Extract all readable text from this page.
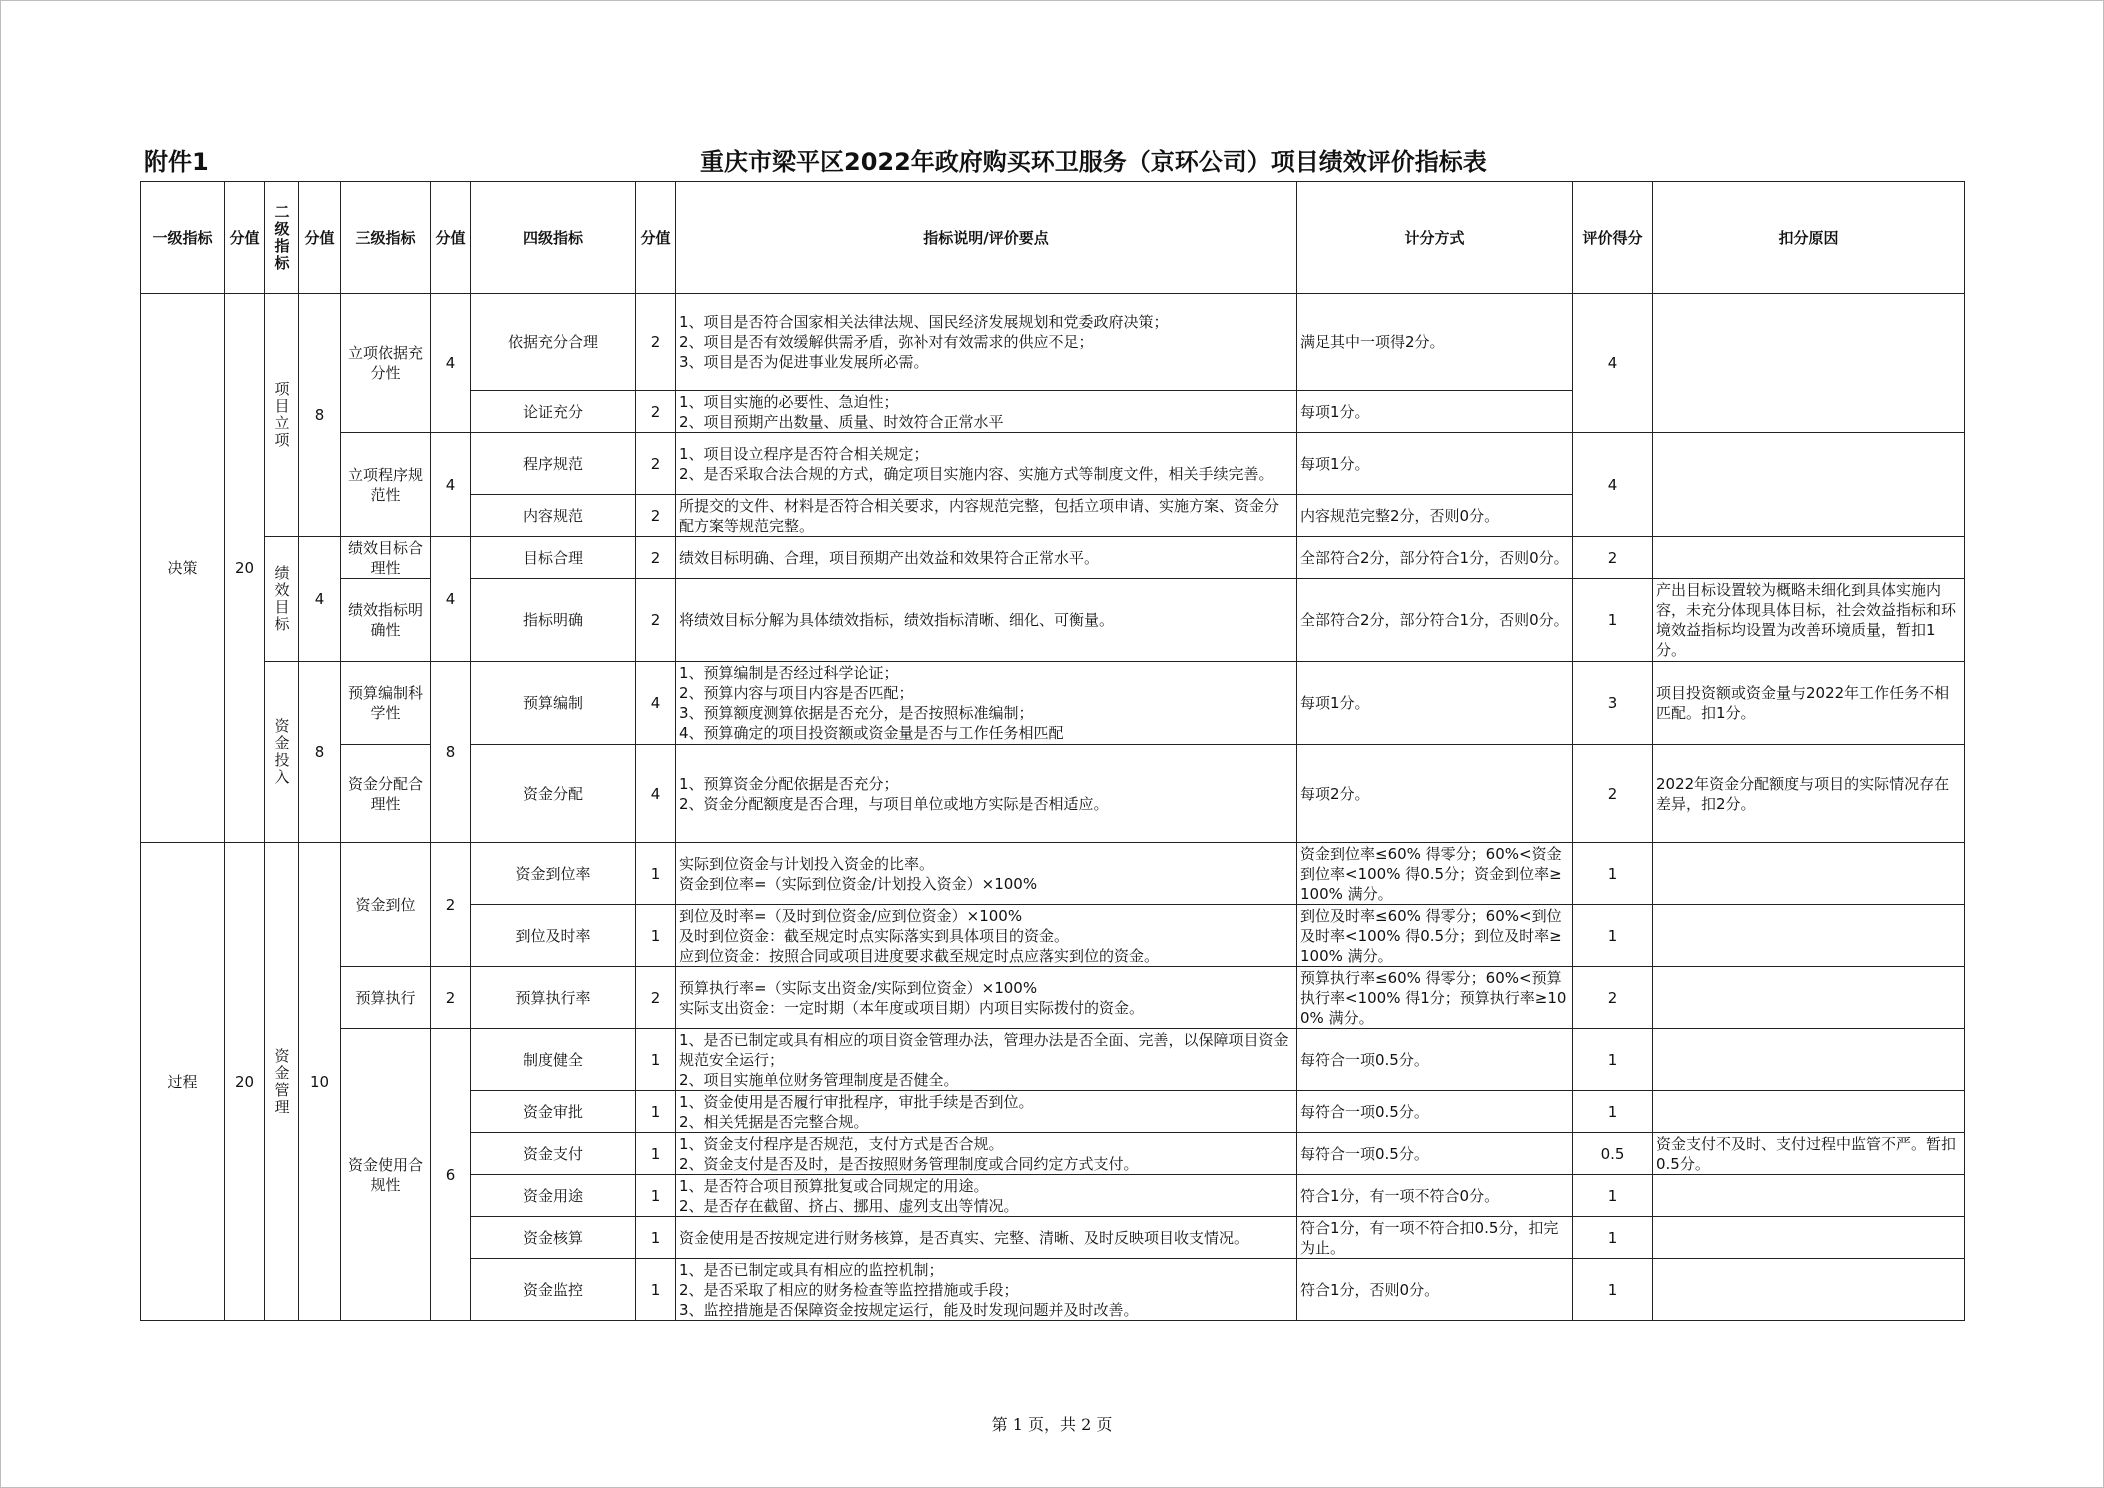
附件1	重庆市梁平区2022年政府购买环卫服务（京环公司）项目绩效评价指标表
一级指标	分值	二级指标	分值	三级指标	分值	四级指标	分值	指标说明/评价要点	计分方式	评价得分	扣分原因
决策	20	项目立项	8	立项依据充分性	4	依据充分合理	2	1、项目是否符合国家相关法律法规、国民经济发展规划和党委政府决策；
2、项目是否有效缓解供需矛盾，弥补对有效需求的供应不足；
3、项目是否为促进事业发展所必需。	满足其中一项得2分。	4	
						论证充分	2	1、项目实施的必要性、急迫性；
2、项目预期产出数量、质量、时效符合正常水平	每项1分。		
				立项程序规范性	4	程序规范	2	1、项目设立程序是否符合相关规定；
2、是否采取合法合规的方式，确定项目实施内容、实施方式等制度文件，相关手续完善。	每项1分。	4	
						内容规范	2	所提交的文件、材料是否符合相关要求，内容规范完整，包括立项申请、实施方案、资金分配方案等规范完整。	内容规范完整2分，否则0分。		
		绩效目标	4	绩效目标合理性	4	目标合理	2	绩效目标明确、合理，项目预期产出效益和效果符合正常水平。	全部符合2分，部分符合1分，否则0分。	2	
				绩效指标明确性		指标明确	2	将绩效目标分解为具体绩效指标，绩效指标清晰、细化、可衡量。	全部符合2分，部分符合1分，否则0分。	1	产出目标设置较为概略未细化到具体实施内容，未充分体现具体目标，社会效益指标和环境效益指标均设置为改善环境质量，暂扣1分。
		资金投入	8	预算编制科学性	8	预算编制	4	1、预算编制是否经过科学论证；
2、预算内容与项目内容是否匹配；
3、预算额度测算依据是否充分，是否按照标准编制；
4、预算确定的项目投资额或资金量是否与工作任务相匹配	每项1分。	3	项目投资额或资金量与2022年工作任务不相匹配。扣1分。
				资金分配合理性		资金分配	4	1、预算资金分配依据是否充分；
2、资金分配额度是否合理，与项目单位或地方实际是否相适应。	每项2分。	2	2022年资金分配额度与项目的实际情况存在差异，扣2分。
过程	20	资金管理	10	资金到位	2	资金到位率	1	实际到位资金与计划投入资金的比率。
资金到位率=（实际到位资金/计划投入资金）×100%	资金到位率≤60% 得零分；60%<资金到位率<100% 得0.5分；资金到位率≥100% 满分。	1	
						到位及时率	1	到位及时率=（及时到位资金/应到位资金）×100%
及时到位资金：截至规定时点实际落实到具体项目的资金。
应到位资金：按照合同或项目进度要求截至规定时点应落实到位的资金。	到位及时率≤60% 得零分；60%<到位及时率<100% 得0.5分；到位及时率≥100% 满分。	1	
				预算执行	2	预算执行率	2	预算执行率=（实际支出资金/实际到位资金）×100%
实际支出资金：一定时期（本年度或项目期）内项目实际拨付的资金。	预算执行率≤60% 得零分；60%<预算执行率<100% 得1分；预算执行率≥100% 满分。	2	
				资金使用合规性	6	制度健全	1	1、是否已制定或具有相应的项目资金管理办法，管理办法是否全面、完善，以保障项目资金规范安全运行；
2、项目实施单位财务管理制度是否健全。	每符合一项0.5分。	1	
						资金审批	1	1、资金使用是否履行审批程序，审批手续是否到位。
2、相关凭据是否完整合规。	每符合一项0.5分。	1	
						资金支付	1	1、资金支付程序是否规范，支付方式是否合规。
2、资金支付是否及时，是否按照财务管理制度或合同约定方式支付。	每符合一项0.5分。	0.5	资金支付不及时、支付过程中监管不严。暂扣0.5分。
						资金用途	1	1、是否符合项目预算批复或合同规定的用途。
2、是否存在截留、挤占、挪用、虚列支出等情况。	符合1分，有一项不符合0分。	1	
						资金核算	1	资金使用是否按规定进行财务核算，是否真实、完整、清晰、及时反映项目收支情况。	符合1分，有一项不符合扣0.5分，扣完为止。	1	
						资金监控	1	1、是否已制定或具有相应的监控机制；
2、是否采取了相应的财务检查等监控措施或手段；
3、监控措施是否保障资金按规定运行，能及时发现问题并及时改善。	符合1分，否则0分。	1	
第 1 页，共 2 页
